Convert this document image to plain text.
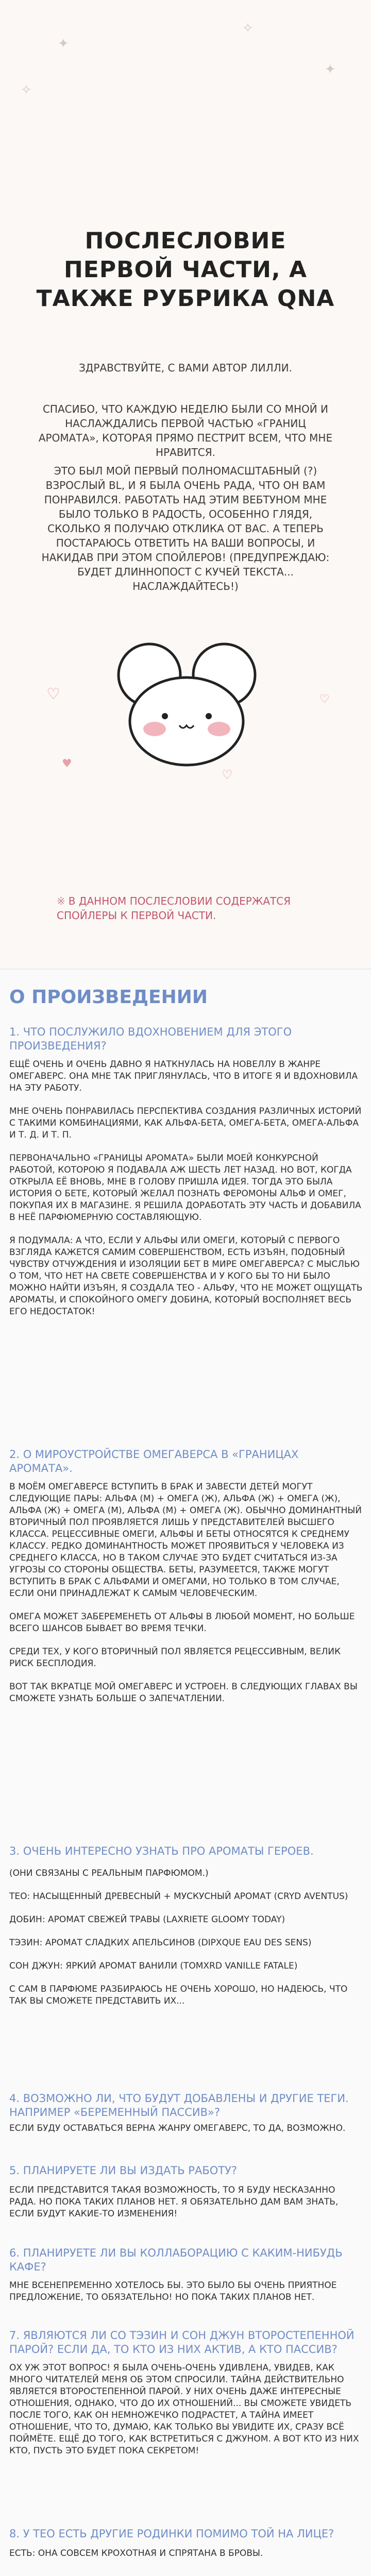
✦
✧
✦
✧
ПОСЛЕСЛОВИЕ ПЕРВОЙ ЧАСТИ, А ТАКЖЕ РУБРИКА QNA
ЗДРАВСТВУЙТЕ, С ВАМИ АВТОР ЛИЛЛИ.
СПАСИБО, ЧТО КАЖДУЮ НЕДЕЛЮ БЫЛИ СО МНОЙ И НАСЛАЖДАЛИСЬ ПЕРВОЙ ЧАСТЬЮ «ГРАНИЦ АРОМАТА», КОТОРАЯ ПРЯМО ПЕСТРИТ ВСЕМ, ЧТО МНЕ НРАВИТСЯ.
ЭТО БЫЛ МОЙ ПЕРВЫЙ ПОЛНОМАСШТАБНЫЙ (?) ВЗРОСЛЫЙ BL, И Я БЫЛА ОЧЕНЬ РАДА, ЧТО ОН ВАМ ПОНРАВИЛСЯ. РАБОТАТЬ НАД ЭТИМ ВЕБТУНОМ МНЕ БЫЛО ТОЛЬКО В РАДОСТЬ, ОСОБЕННО ГЛЯДЯ, СКОЛЬКО Я ПОЛУЧАЮ ОТКЛИКА ОТ ВАС. А ТЕПЕРЬ ПОСТАРАЮСЬ ОТВЕТИТЬ НА ВАШИ ВОПРОСЫ, И НАКИДАВ ПРИ ЭТОМ СПОЙЛЕРОВ! (ПРЕДУПРЕЖДАЮ: БУДЕТ ДЛИННОПОСТ С КУЧЕЙ ТЕКСТА... НАСЛАЖДАЙТЕСЬ!)
♡
♥
♡
♡
※ В ДАННОМ ПОСЛЕСЛОВИИ СОДЕРЖАТСЯ СПОЙЛЕРЫ К ПЕРВОЙ ЧАСТИ.
О ПРОИЗВЕДЕНИИ
1. ЧТО ПОСЛУЖИЛО ВДОХНОВЕНИЕМ ДЛЯ ЭТОГО ПРОИЗВЕДЕНИЯ?

ЕЩЁ ОЧЕНЬ И ОЧЕНЬ ДАВНО Я НАТКНУЛАСЬ НА НОВЕЛЛУ В ЖАНРЕ ОМЕГАВЕРС. ОНА МНЕ ТАК ПРИГЛЯНУЛАСЬ, ЧТО В ИТОГЕ Я И ВДОХНОВИЛА НА ЭТУ РАБОТУ.

МНЕ ОЧЕНЬ ПОНРАВИЛАСЬ ПЕРСПЕКТИВА СОЗДАНИЯ РАЗЛИЧНЫХ ИСТОРИЙ С ТАКИМИ КОМБИНАЦИЯМИ, КАК АЛЬФА-БЕТА, ОМЕГА-БЕТА, ОМЕГА-АЛЬФА И Т. Д. И Т. П.

ПЕРВОНАЧАЛЬНО «ГРАНИЦЫ АРОМАТА» БЫЛИ МОЕЙ КОНКУРСНОЙ РАБОТОЙ, КОТОРОЮ Я ПОДАВАЛА АЖ ШЕСТЬ ЛЕТ НАЗАД. НО ВОТ, КОГДА ОТКРЫЛА ЕЁ ВНОВЬ, МНЕ В ГОЛОВУ ПРИШЛА ИДЕЯ. ТОГДА ЭТО БЫЛА ИСТОРИЯ О БЕТЕ, КОТОРЫЙ ЖЕЛАЛ ПОЗНАТЬ ФЕРОМОНЫ АЛЬФ И ОМЕГ, ПОКУПАЯ ИХ В МАГАЗИНЕ. Я РЕШИЛА ДОРАБОТАТЬ ЭТУ ЧАСТЬ И ДОБАВИЛА В НЕЁ ПАРФЮМЕРНУЮ СОСТАВЛЯЮЩУЮ.

Я ПОДУМАЛА: А ЧТО, ЕСЛИ У АЛЬФЫ ИЛИ ОМЕГИ, КОТОРЫЙ С ПЕРВОГО ВЗГЛЯДА КАЖЕТСЯ САМИМ СОВЕРШЕНСТВОМ, ЕСТЬ ИЗЪЯН, ПОДОБНЫЙ ЧУВСТВУ ОТЧУЖДЕНИЯ И ИЗОЛЯЦИИ БЕТ В МИРЕ ОМЕГАВЕРСА? С МЫСЛЬЮ О ТОМ, ЧТО НЕТ НА СВЕТЕ СОВЕРШЕНСТВА И У КОГО БЫ ТО НИ БЫЛО МОЖНО НАЙТИ ИЗЪЯН, Я СОЗДАЛА ТЕО - АЛЬФУ, ЧТО НЕ МОЖЕТ ОЩУЩАТЬ АРОМАТЫ, И СПОКОЙНОГО ОМЕГУ ДОБИНА, КОТОРЫЙ ВОСПОЛНЯЕТ ВЕСЬ ЕГО НЕДОСТАТОК!

2. О МИРОУСТРОЙСТВЕ ОМЕГАВЕРСА В «ГРАНИЦАХ АРОМАТА».

В МОЁМ ОМЕГАВЕРСЕ ВСТУПИТЬ В БРАК И ЗАВЕСТИ ДЕТЕЙ МОГУТ СЛЕДУЮЩИЕ ПАРЫ: АЛЬФА (М) + ОМЕГА (Ж), АЛЬФА (Ж) + ОМЕГА (Ж), АЛЬФА (Ж) + ОМЕГА (М), АЛЬФА (М) + ОМЕГА (Ж). ОБЫЧНО ДОМИНАНТНЫЙ ВТОРИЧНЫЙ ПОЛ ПРОЯВЛЯЕТСЯ ЛИШЬ У ПРЕДСТАВИТЕЛЕЙ ВЫСШЕГО КЛАССА. РЕЦЕССИВНЫЕ ОМЕГИ, АЛЬФЫ И БЕТЫ ОТНОСЯТСЯ К СРЕДНЕМУ КЛАССУ. РЕДКО ДОМИНАНТНОСТЬ МОЖЕТ ПРОЯВИТЬСЯ У ЧЕЛОВЕКА ИЗ СРЕДНЕГО КЛАССА, НО В ТАКОМ СЛУЧАЕ ЭТО БУДЕТ СЧИТАТЬСЯ ИЗ-ЗА УГРОЗЫ СО СТОРОНЫ ОБЩЕСТВА. БЕТЫ, РАЗУМЕЕТСЯ, ТАКЖЕ МОГУТ ВСТУПИТЬ В БРАК С АЛЬФАМИ И ОМЕГАМИ, НО ТОЛЬКО В ТОМ СЛУЧАЕ, ЕСЛИ ОНИ ПРИНАДЛЕЖАТ К САМЫМ ЧЕЛОВЕЧЕСКИМ.

ОМЕГА МОЖЕТ ЗАБЕРЕМЕНЕТЬ ОТ АЛЬФЫ В ЛЮБОЙ МОМЕНТ, НО БОЛЬШЕ ВСЕГО ШАНСОВ БЫВАЕТ ВО ВРЕМЯ ТЕЧКИ.

СРЕДИ ТЕХ, У КОГО ВТОРИЧНЫЙ ПОЛ ЯВЛЯЕТСЯ РЕЦЕССИВНЫМ, ВЕЛИК РИСК БЕСПЛОДИЯ.

ВОТ ТАК ВКРАТЦЕ МОЙ ОМЕГАВЕРС И УСТРОЕН. В СЛЕДУЮЩИХ ГЛАВАХ ВЫ СМОЖЕТЕ УЗНАТЬ БОЛЬШЕ О ЗАПЕЧАТЛЕНИИ.

3. ОЧЕНЬ ИНТЕРЕСНО УЗНАТЬ ПРО АРОМАТЫ ГЕРОЕВ.

(ОНИ СВЯЗАНЫ С РЕАЛЬНЫМ ПАРФЮМОМ.)

ТЕО: НАСЫЩЕННЫЙ ДРЕВЕСНЫЙ + МУСКУСНЫЙ АРОМАТ (CRYD AVENTUS)

ДОБИН: АРОМАТ СВЕЖЕЙ ТРАВЫ (LAXRIETE GLOOMY TODAY)

ТЭЗИН: АРОМАТ СЛАДКИХ АПЕЛЬСИНОВ (DIPXQUE EAU DES SENS)

СОН ДЖУН: ЯРКИЙ АРОМАТ ВАНИЛИ (TOMXRD VANILLE FATALE)

С САМ В ПАРФЮМЕ РАЗБИРАЮСЬ НЕ ОЧЕНЬ ХОРОШО, НО НАДЕЮСЬ, ЧТО ТАК ВЫ СМОЖЕТЕ ПРЕДСТАВИТЬ ИХ...

4. ВОЗМОЖНО ЛИ, ЧТО БУДУТ ДОБАВЛЕНЫ И ДРУГИЕ ТЕГИ. НАПРИМЕР «БЕРЕМЕННЫЙ ПАССИВ»?

ЕСЛИ БУДУ ОСТАВАТЬСЯ ВЕРНА ЖАНРУ ОМЕГАВЕРС, ТО ДА, ВОЗМОЖНО.

5. ПЛАНИРУЕТЕ ЛИ ВЫ ИЗДАТЬ РАБОТУ?

ЕСЛИ ПРЕДСТАВИТСЯ ТАКАЯ ВОЗМОЖНОСТЬ, ТО Я БУДУ НЕСКАЗАННО РАДА. НО ПОКА ТАКИХ ПЛАНОВ НЕТ. Я ОБЯЗАТЕЛЬНО ДАМ ВАМ ЗНАТЬ, ЕСЛИ БУДУТ КАКИЕ-ТО ИЗМЕНЕНИЯ!

6. ПЛАНИРУЕТЕ ЛИ ВЫ КОЛЛАБОРАЦИЮ С КАКИМ-НИБУДЬ КАФЕ?

МНЕ ВСЕНЕПРЕМЕННО ХОТЕЛОСЬ БЫ. ЭТО БЫЛО БЫ ОЧЕНЬ ПРИЯТНОЕ ПРЕДЛОЖЕНИЕ, ТО ОБЯЗАТЕЛЬНО! НО ПОКА ТАКИХ ПЛАНОВ НЕТ.

7. ЯВЛЯЮТСЯ ЛИ СО ТЭЗИН И СОН ДЖУН ВТОРОСТЕПЕННОЙ ПАРОЙ? ЕСЛИ ДА, ТО КТО ИЗ НИХ АКТИВ, А КТО ПАССИВ?

ОХ УЖ ЭТОТ ВОПРОС! Я БЫЛА ОЧЕНЬ-ОЧЕНЬ УДИВЛЕНА, УВИДЕВ, КАК МНОГО ЧИТАТЕЛЕЙ МЕНЯ ОБ ЭТОМ СПРОСИЛИ. ТАЙНА ДЕЙСТВИТЕЛЬНО ЯВЛЯЕТСЯ ВТОРОСТЕПЕННОЙ ПАРОЙ. У НИХ ОЧЕНЬ ДАЖЕ ИНТЕРЕСНЫЕ ОТНОШЕНИЯ, ОДНАКО, ЧТО ДО ИХ ОТНОШЕНИЙ... ВЫ СМОЖЕТЕ УВИДЕТЬ ПОСЛЕ ТОГО, КАК ОН НЕМНОЖЕЧКО ПОДРАСТЕТ, А ТАЙНА ИМЕЕТ ОТНОШЕНИЕ, ЧТО ТО, ДУМАЮ, КАК ТОЛЬКО ВЫ УВИДИТЕ ИХ, СРАЗУ ВСЁ ПОЙМЁТЕ. ЕЩЁ ДО ТОГО, КАК ВСТРЕТИТЬСЯ С ДЖУНОМ. А ВОТ КТО ИЗ НИХ КТО, ПУСТЬ ЭТО БУДЕТ ПОКА СЕКРЕТОМ!

8. У ТЕО ЕСТЬ ДРУГИЕ РОДИНКИ ПОМИМО ТОЙ НА ЛИЦЕ?

ЕСТЬ: ОНА СОВСЕМ КРОХОТНАЯ И СПРЯТАНА В БРОВЫ.
